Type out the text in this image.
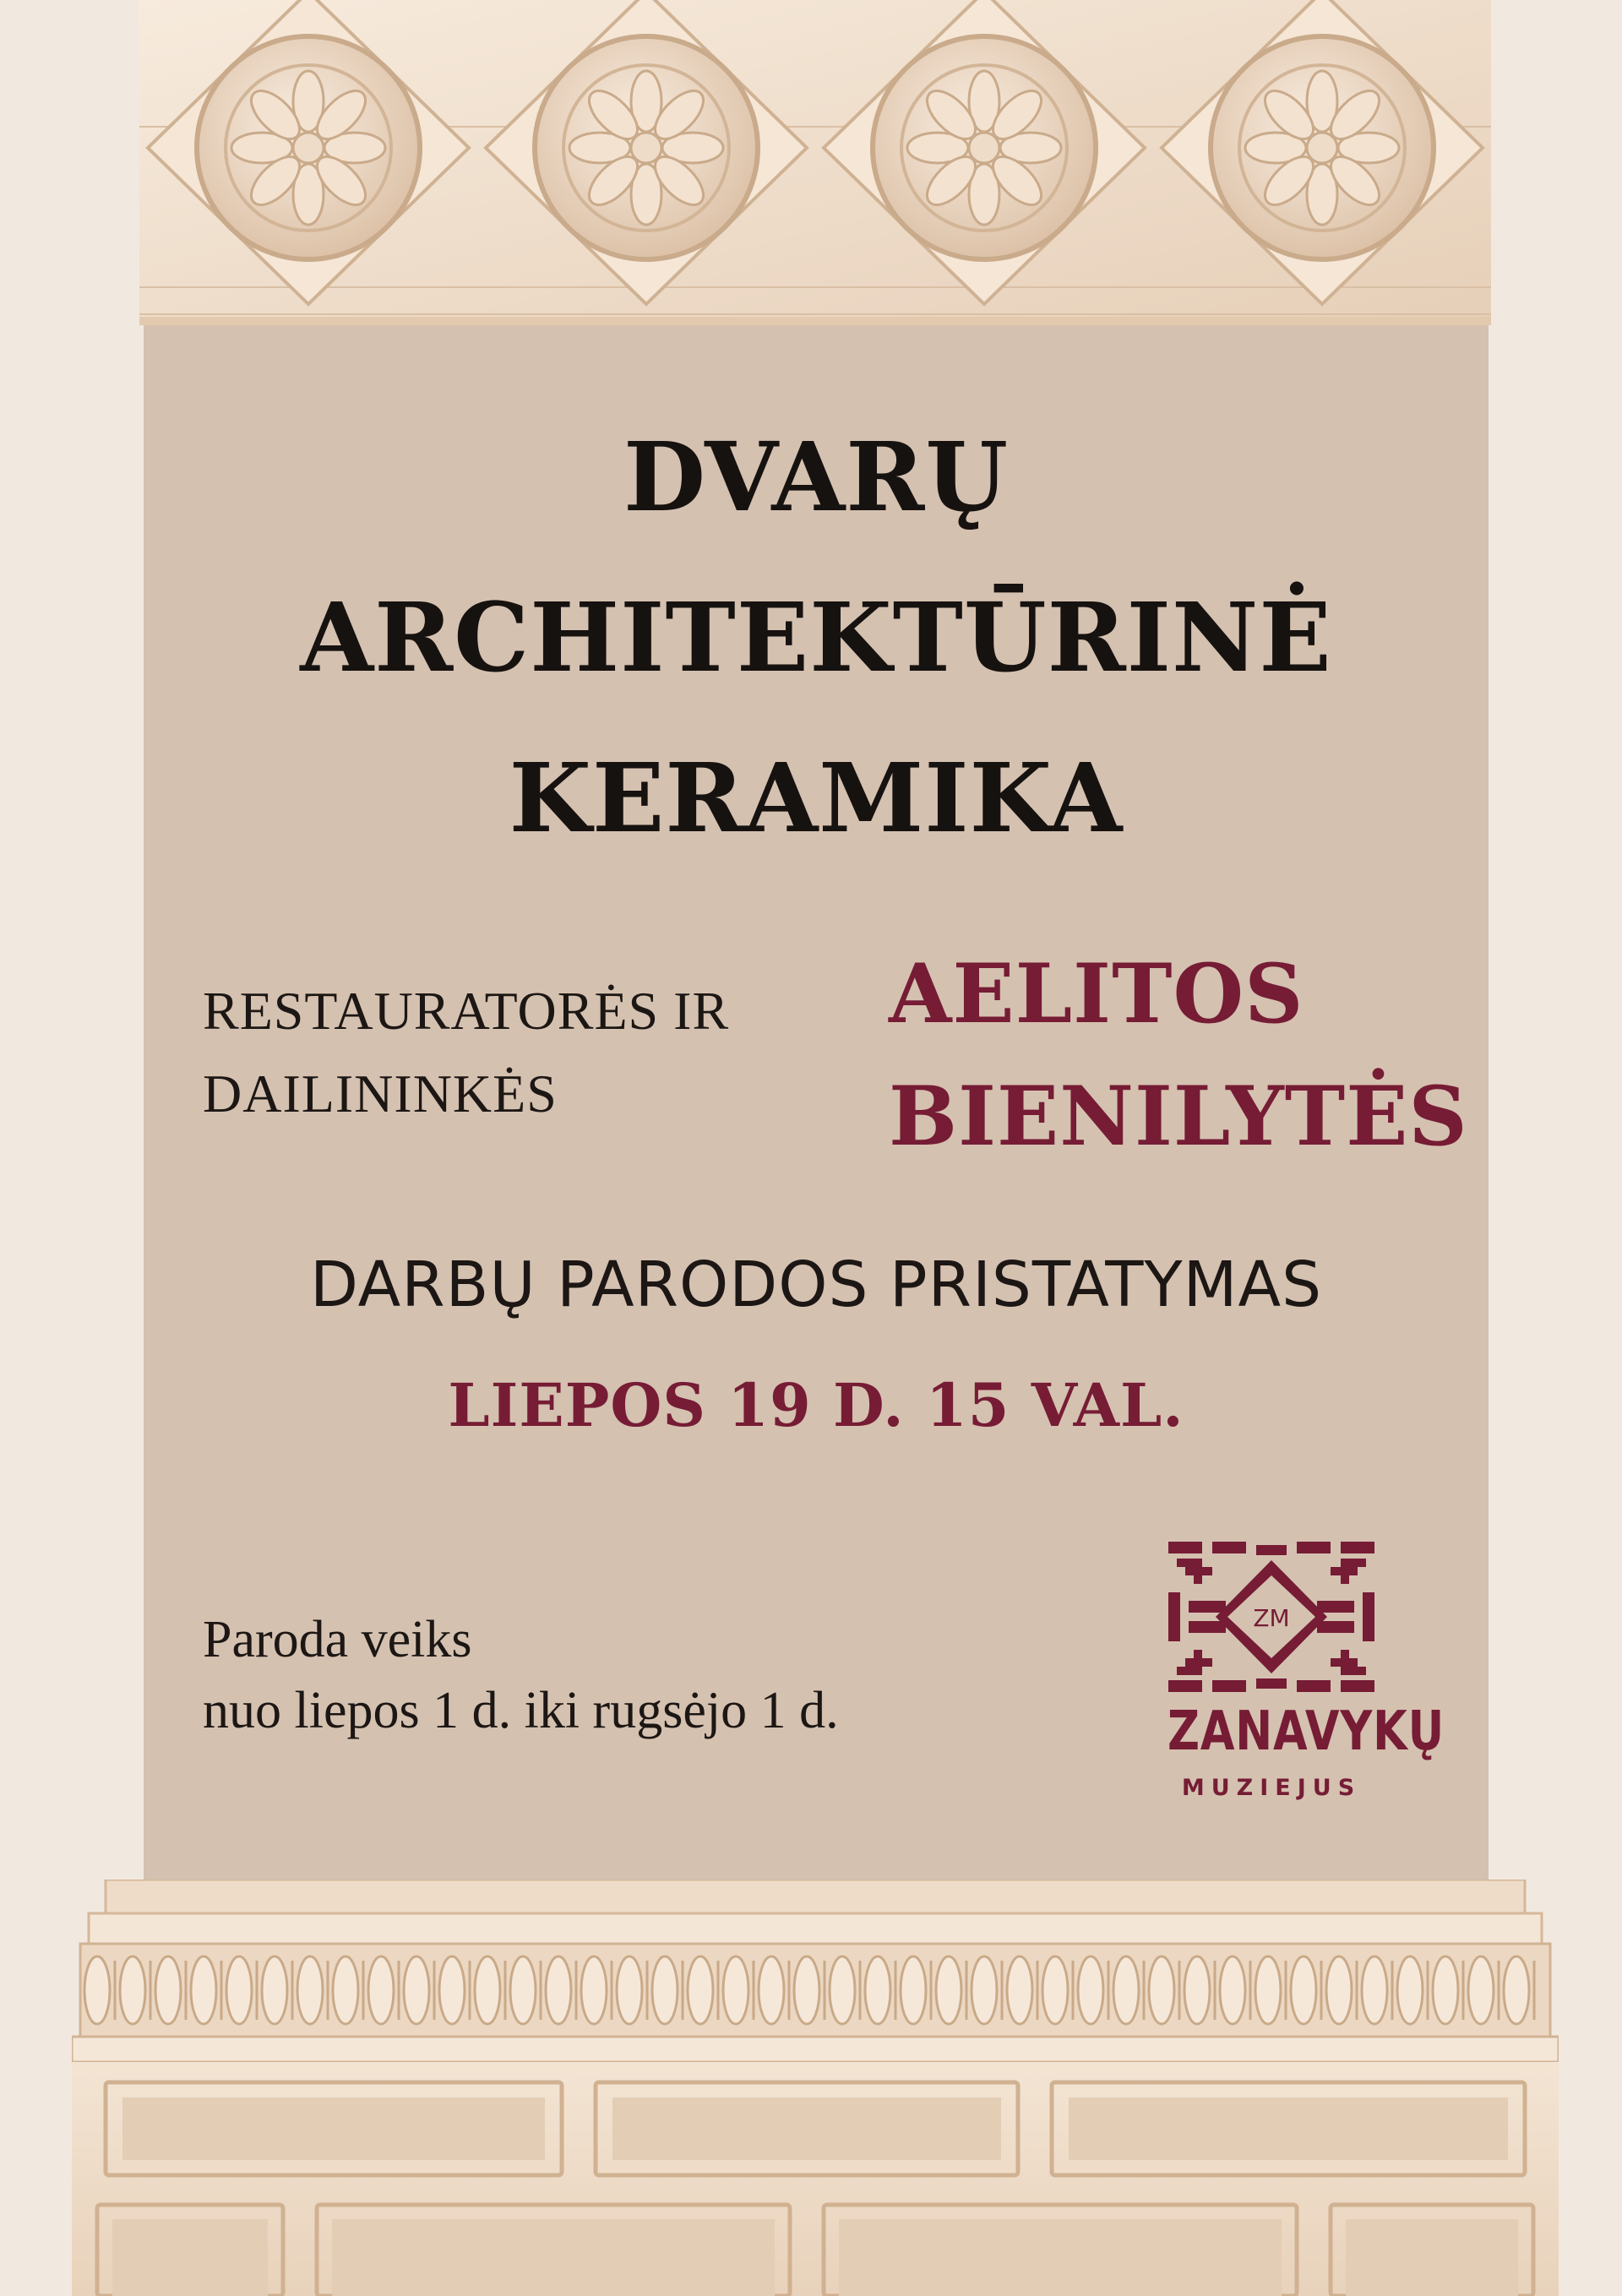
DVARŲ
ARCHITEKTŪRINĖ
KERAMIKA

RESTAURATORĖS IR

DAILININKĖS

AELITOS

BIENILYTĖS

DARBŲ PARODOS PRISTATYMAS

LIEPOS 19 D. 15 VAL.

Paroda veiks

nuo liepos 1 d. iki rugsėjo 1 d.

ZM

ZANAVYKŲ

MUZIEJUS
